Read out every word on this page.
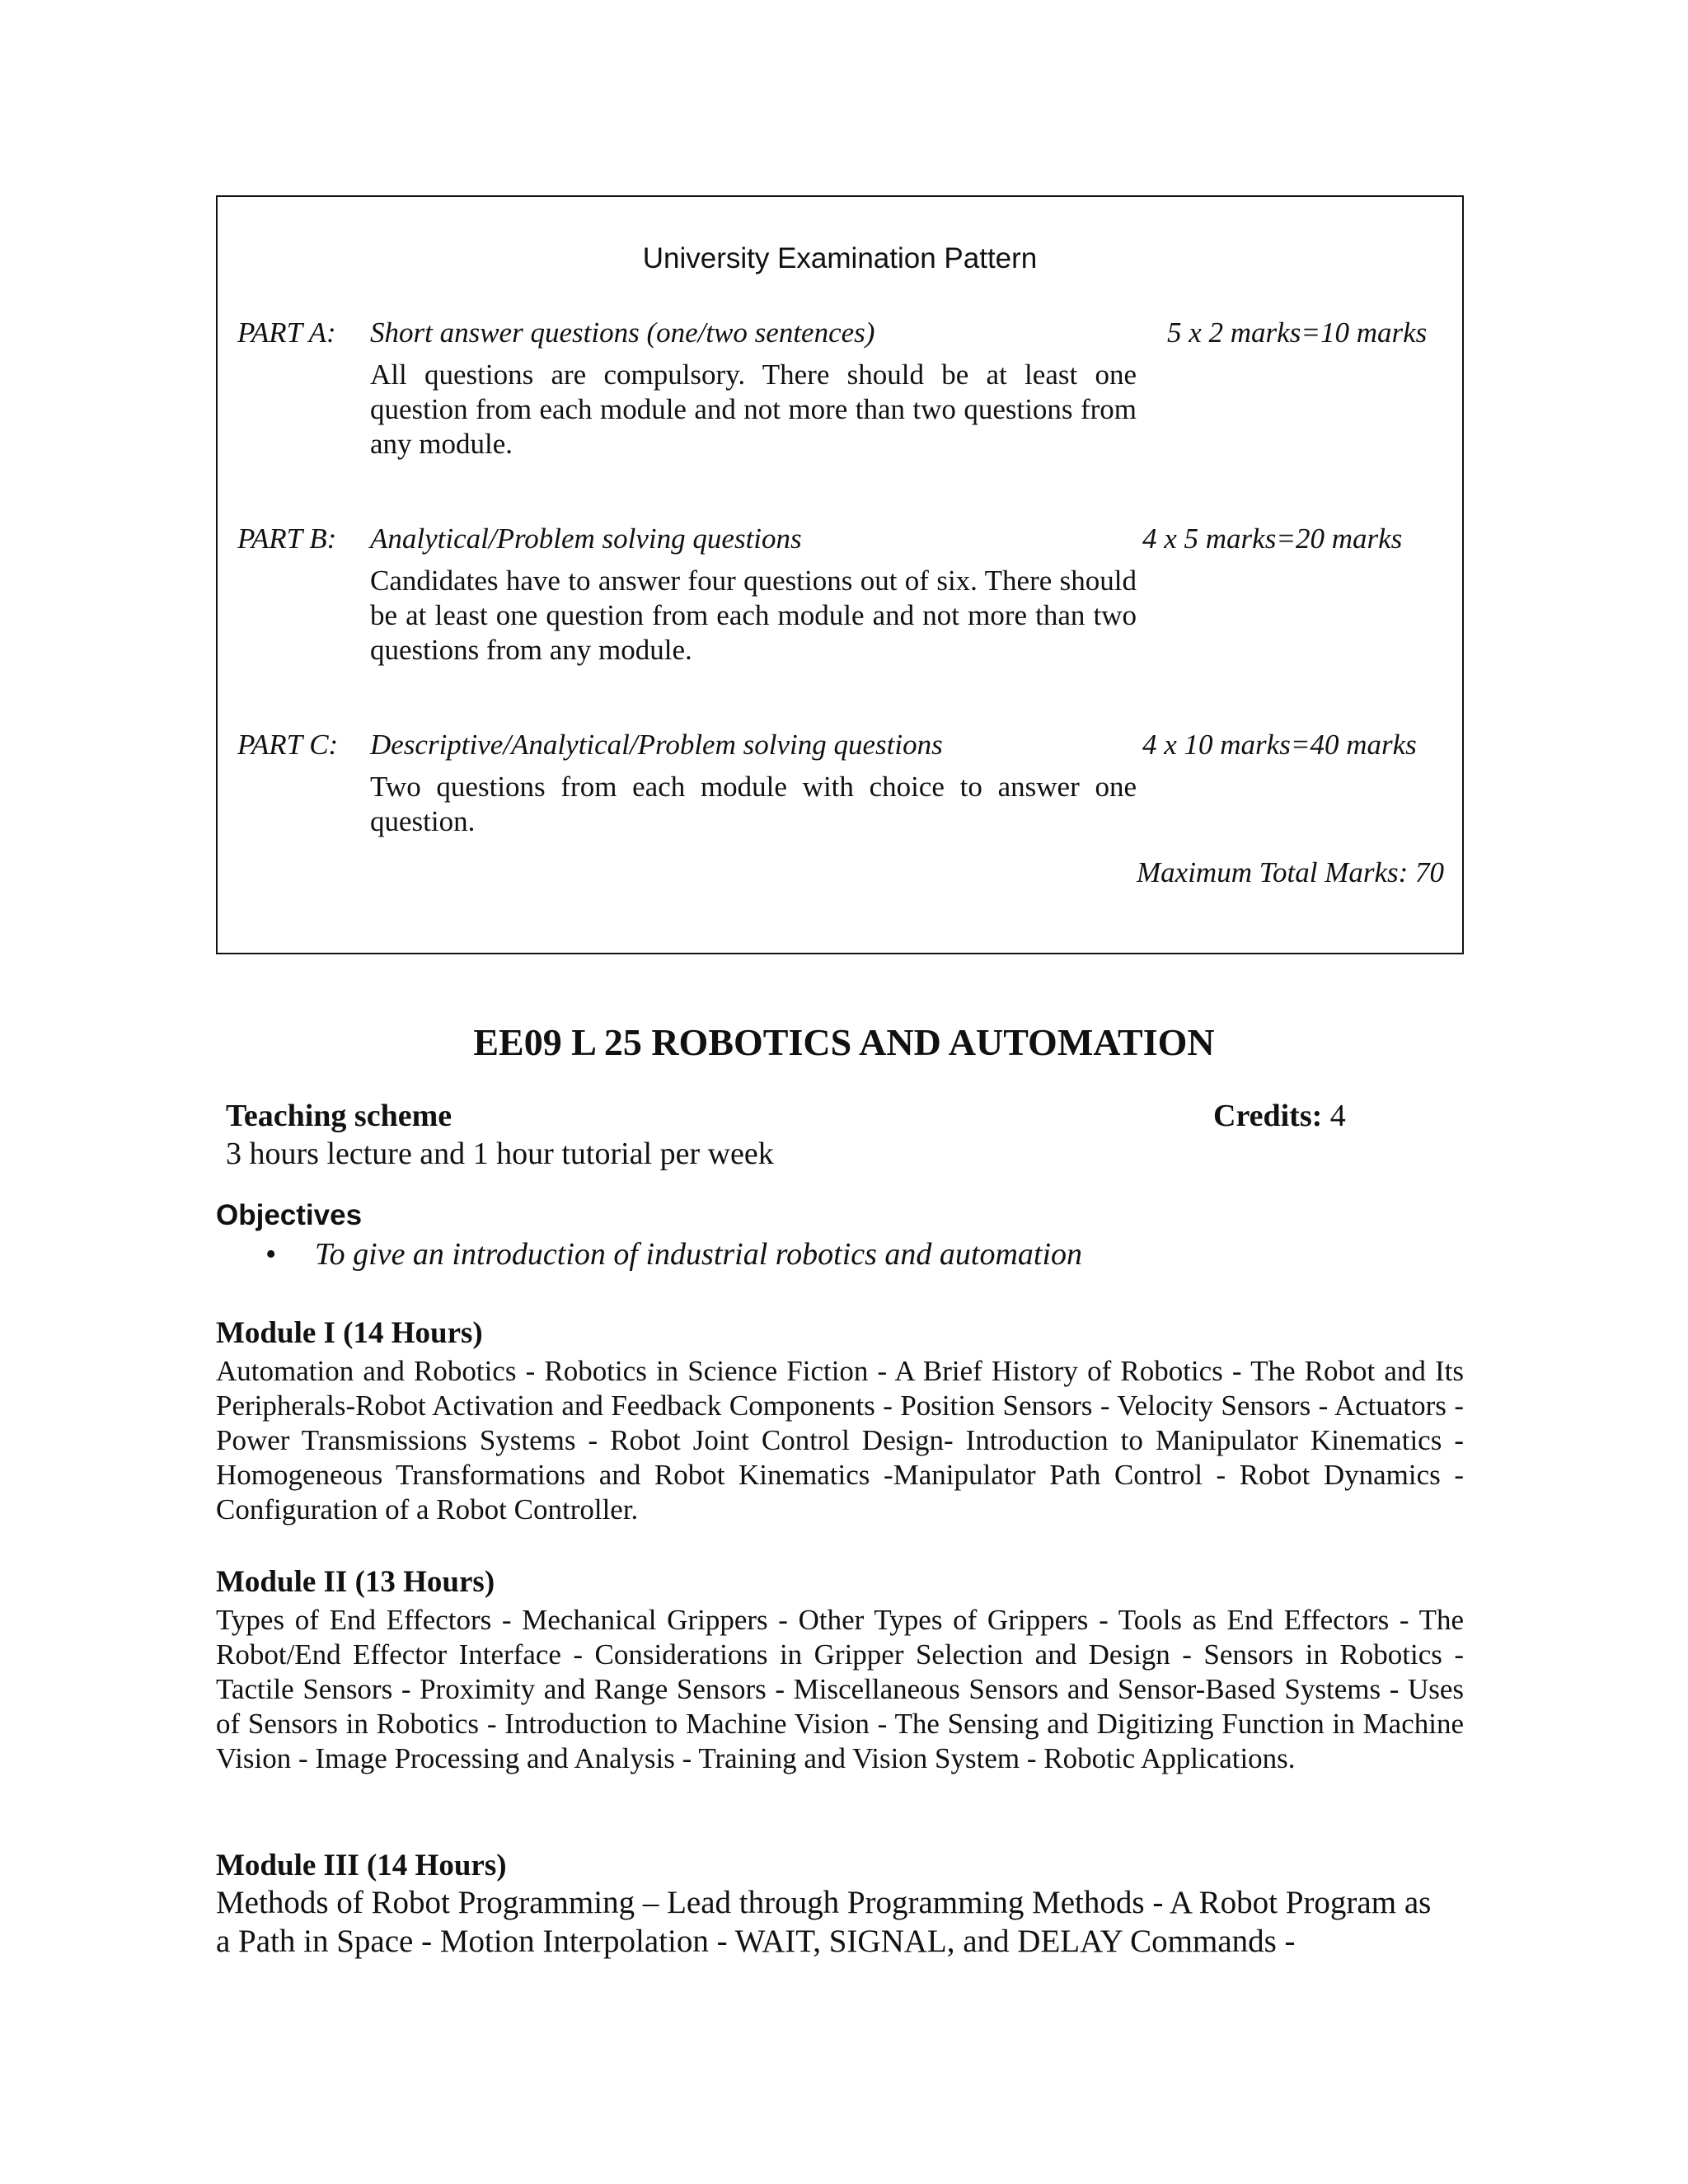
University Examination Pattern
PART A: Short answer questions (one/two sentences)	5 x 2 marks=10 marks
All questions are compulsory. There should be at least one question from each module and not more than two questions from any module.
PART B: Analytical/Problem solving questions	4 x 5 marks=20 marks
Candidates have to answer four questions out of six. There should be at least one question from each module and not more than two questions from any module.
PART C: Descriptive/Analytical/Problem solving questions	4 x 10 marks=40 marks
Two questions from each module with choice to answer one question.
Maximum Total Marks: 70
EE09 L 25 ROBOTICS AND AUTOMATION
Teaching scheme	Credits: 4
3 hours lecture and 1 hour tutorial per week
Objectives
• To give an introduction of industrial robotics and automation
Module I (14 Hours)
Automation and Robotics - Robotics in Science Fiction - A Brief History of Robotics - The Robot and Its Peripherals-Robot Activation and Feedback Components - Position Sensors - Velocity Sensors - Actuators - Power Transmissions Systems - Robot Joint Control Design- Introduction to Manipulator Kinematics - Homogeneous Transformations and Robot Kinematics -Manipulator Path Control - Robot Dynamics - Configuration of a Robot Controller.
Module II (13 Hours)
Types of End Effectors - Mechanical Grippers - Other Types of Grippers - Tools as End Effectors - The Robot/End Effector Interface - Considerations in Gripper Selection and Design - Sensors in Robotics - Tactile Sensors - Proximity and Range Sensors - Miscellaneous Sensors and Sensor-Based Systems - Uses of Sensors in Robotics - Introduction to Machine Vision - The Sensing and Digitizing Function in Machine Vision - Image Processing and Analysis - Training and Vision System - Robotic Applications.
Module III (14 Hours)
Methods of Robot Programming – Lead through Programming Methods - A Robot Program as a Path in Space - Motion Interpolation - WAIT, SIGNAL, and DELAY Commands -
